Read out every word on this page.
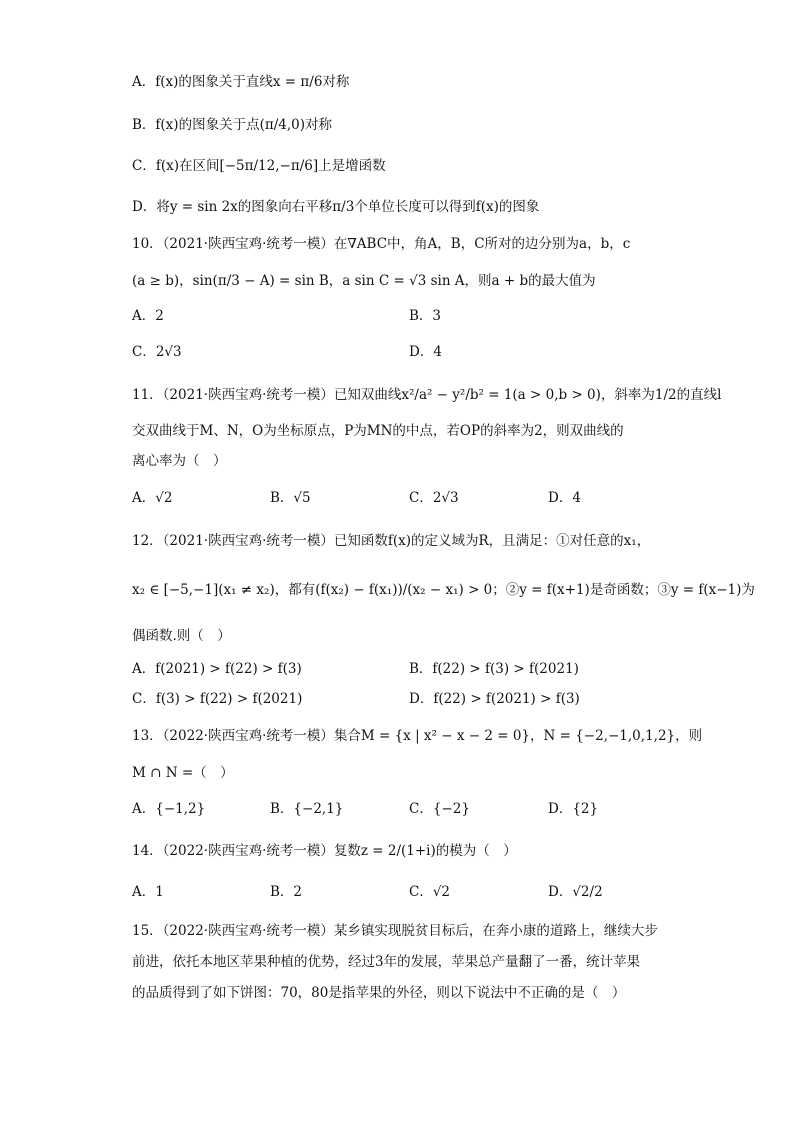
A．f(x)的图象关于直线x = π/6对称
B．f(x)的图象关于点(π/4,0)对称
C．f(x)在区间[−5π/12,−π/6]上是增函数
D．将y = sin 2x的图象向右平移π/3个单位长度可以得到f(x)的图象
10．（2021·陕西宝鸡·统考一模）在∇ABC中，角A，B，C所对的边分别为a，b，c
(a ≥ b)，sin(π/3 − A) = sin B，a sin C = √3 sin A，则a + b的最大值为
A．2	B．3
C．2√3	D．4
11．（2021·陕西宝鸡·统考一模）已知双曲线x²/a² − y²/b² = 1(a > 0,b > 0)，斜率为1/2的直线l
交双曲线于M、N，O为坐标原点，P为MN的中点，若OP的斜率为2，则双曲线的
离心率为（　）
A．√2	B．√5	C．2√3	D．4
12．（2021·陕西宝鸡·统考一模）已知函数f(x)的定义域为R，且满足：①对任意的x₁，
x₂ ∈ [−5,−1](x₁ ≠ x₂)，都有(f(x₂) − f(x₁))/(x₂ − x₁) > 0；②y = f(x+1)是奇函数；③y = f(x−1)为
偶函数.则（　）
A．f(2021) > f(22) > f(3)	B．f(22) > f(3) > f(2021)
C．f(3) > f(22) > f(2021)	D．f(22) > f(2021) > f(3)
13．（2022·陕西宝鸡·统考一模）集合M = {x | x² − x − 2 = 0}，N = {−2,−1,0,1,2}，则
M ∩ N =（　）
A．{−1,2}	B．{−2,1}	C．{−2}	D．{2}
14．（2022·陕西宝鸡·统考一模）复数z = 2/(1+i)的模为（　）
A．1	B．2	C．√2	D．√2/2
15．（2022·陕西宝鸡·统考一模）某乡镇实现脱贫目标后，在奔小康的道路上，继续大步
前进，依托本地区苹果种植的优势，经过3年的发展，苹果总产量翻了一番，统计苹果
的品质得到了如下饼图：70，80是指苹果的外径，则以下说法中不正确的是（　）
